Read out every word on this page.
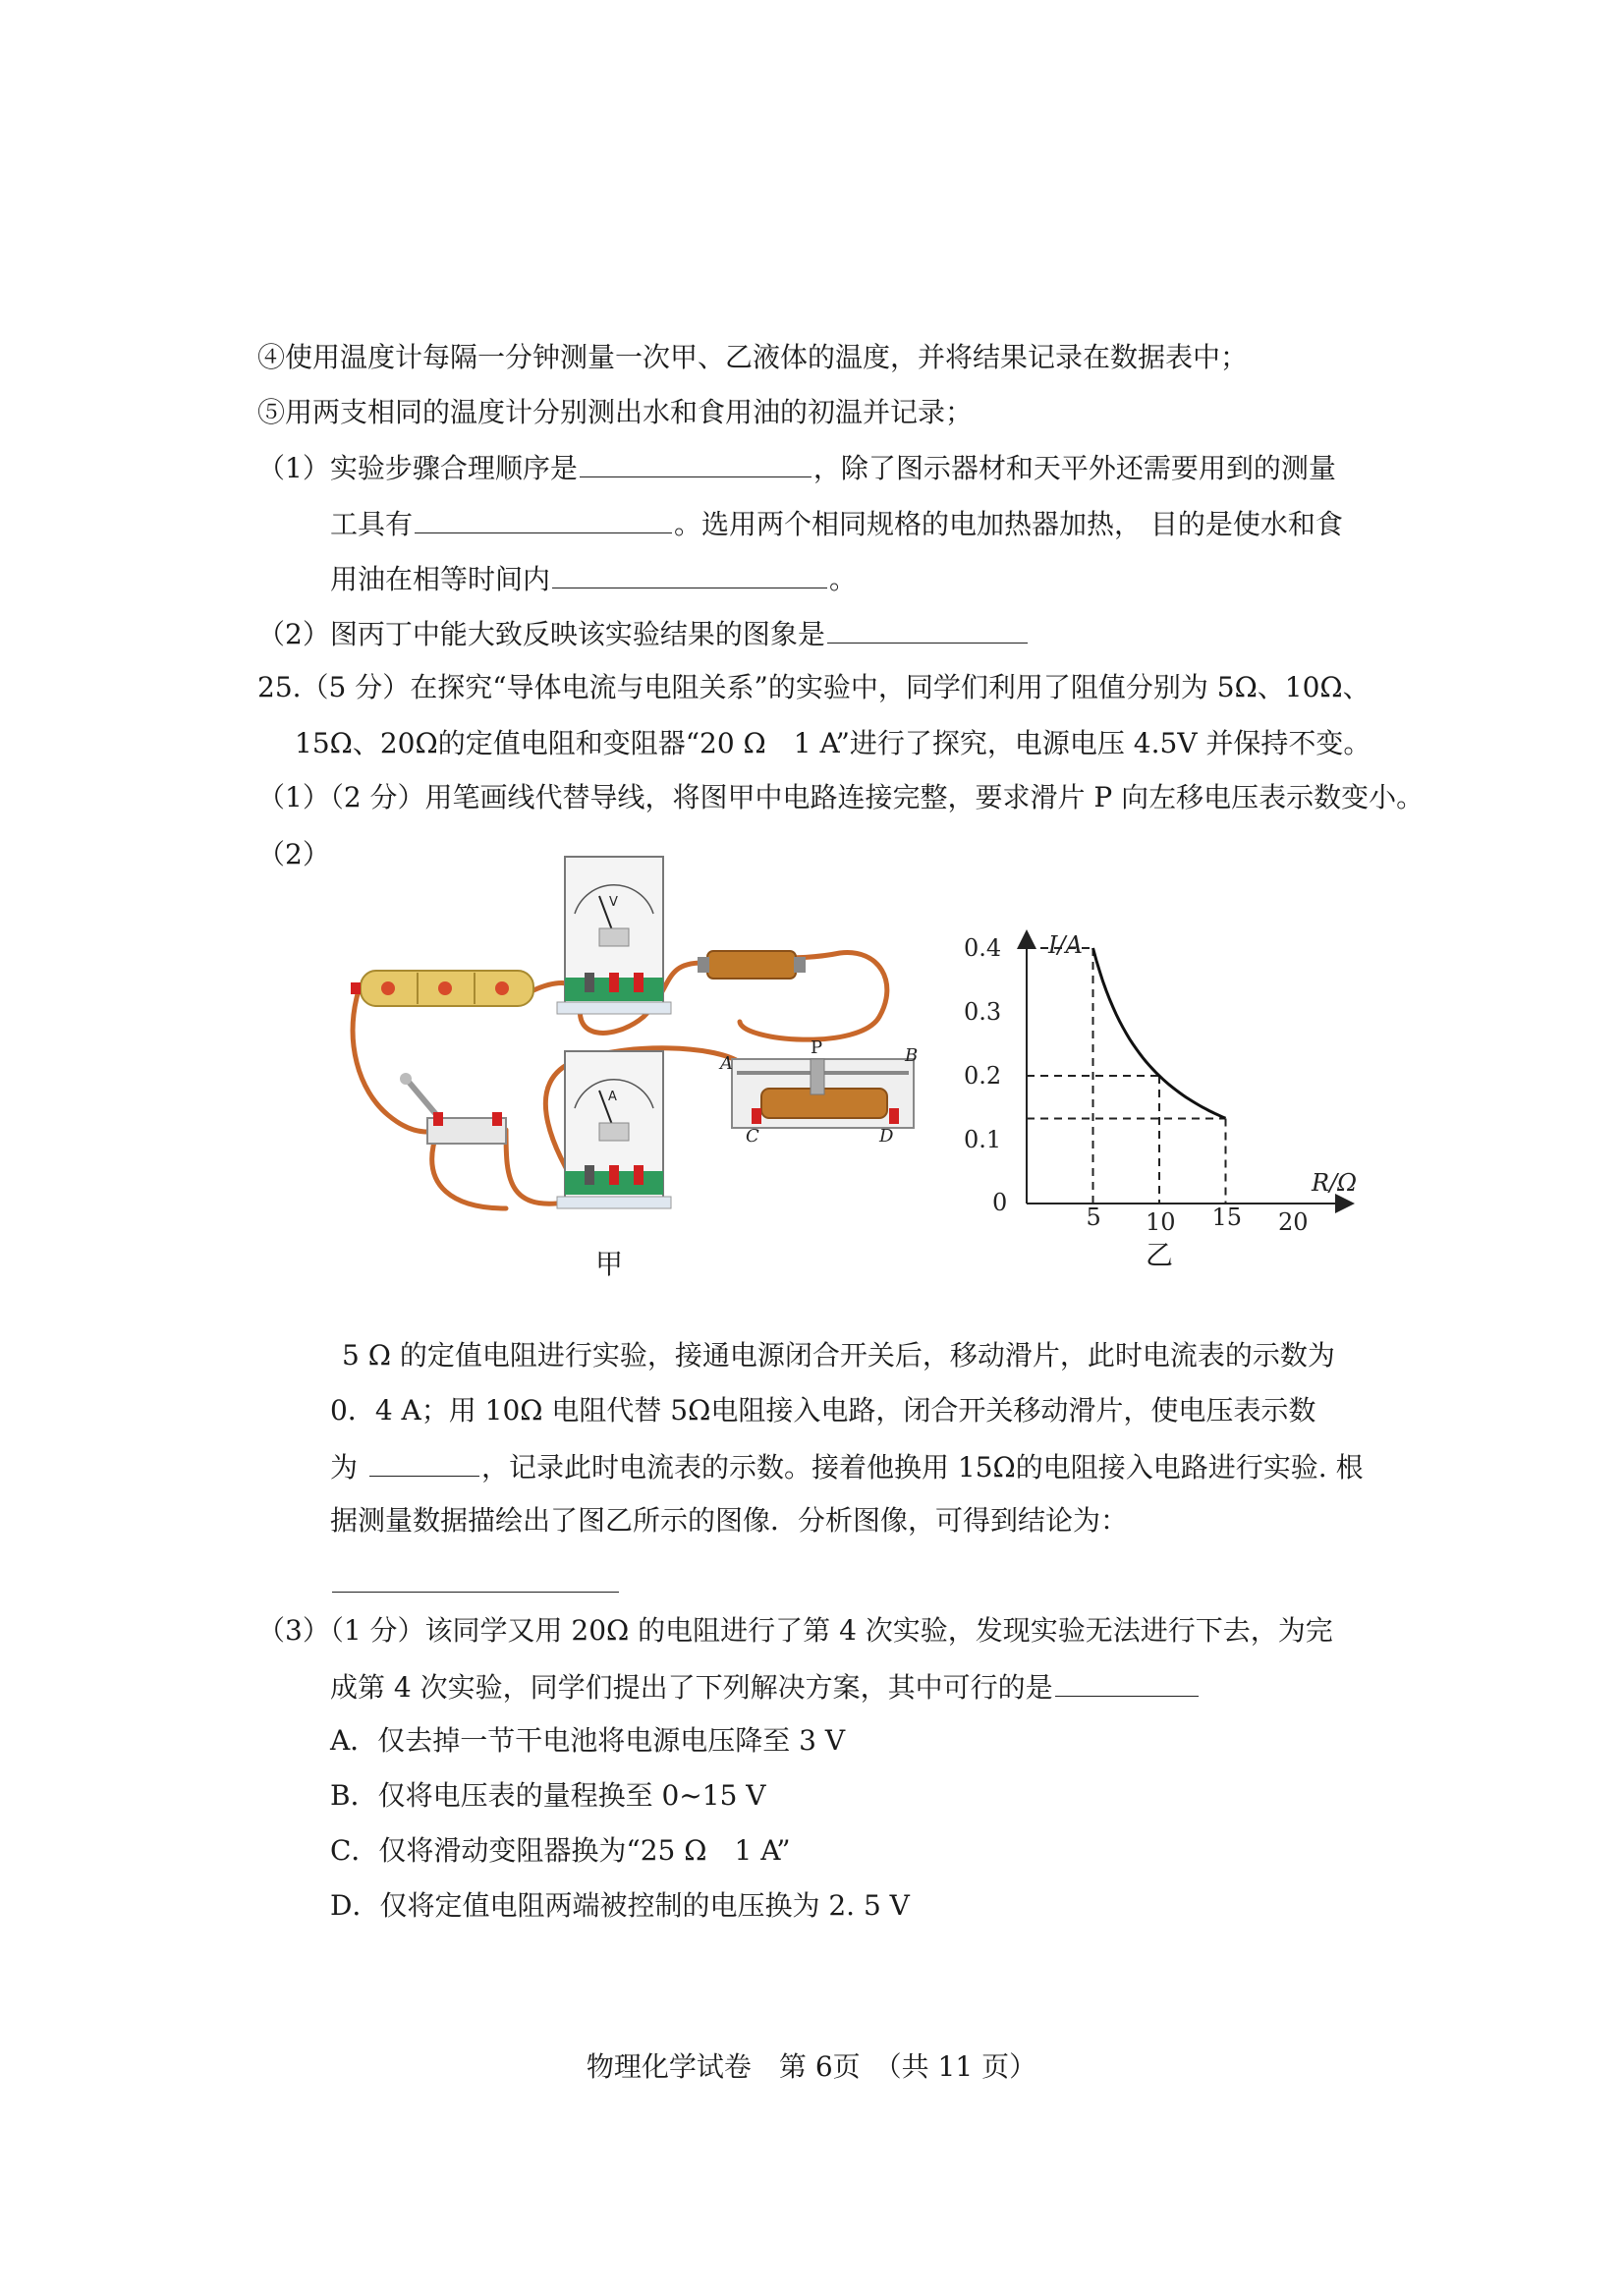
④使用温度计每隔一分钟测量一次甲、乙液体的温度，并将结果记录在数据表中；
⑤用两支相同的温度计分别测出水和食用油的初温并记录；
（1）实验步骤合理顺序是	，除了图示器材和天平外还需要用到的测量
工具有	。选用两个相同规格的电加热器加热， 目的是使水和食
用油在相等时间内	。
（2）图丙丁中能大致反映该实验结果的图象是
25.（5 分）在探究“导体电流与电阻关系”的实验中，同学们利用了阻值分别为 5Ω、10Ω、
15Ω、20Ω的定值电阻和变阻器“20 Ω　1 A”进行了探究，电源电压 4.5V 并保持不变。
（1）（2 分）用笔画线代替导线，将图甲中电路连接完整，要求滑片 P 向左移电压表示数变小。
（2）
V
A
A
P	B
C	D
甲
I/A
R/Ω
0
5 10 15 20
0.4
0.3
0.2
0.1
乙
5 Ω 的定值电阻进行实验，接通电源闭合开关后，移动滑片，此时电流表的示数为
0．4 A；用 10Ω 电阻代替 5Ω电阻接入电路，闭合开关移动滑片，使电压表示数
为	，记录此时电流表的示数。接着他换用 15Ω的电阻接入电路进行实验. 根
据测量数据描绘出了图乙所示的图像．分析图像，可得到结论为：
（3）（1 分）该同学又用 20Ω 的电阻进行了第 4 次实验，发现实验无法进行下去，为完
成第 4 次实验，同学们提出了下列解决方案，其中可行的是
A．仅去掉一节干电池将电源电压降至 3 V
B．仅将电压表的量程换至 0~15 V
C．仅将滑动变阻器换为“25 Ω　1 A”
D．仅将定值电阻两端被控制的电压换为 2. 5 V
物理化学试卷　第 6页　（共 11 页）
